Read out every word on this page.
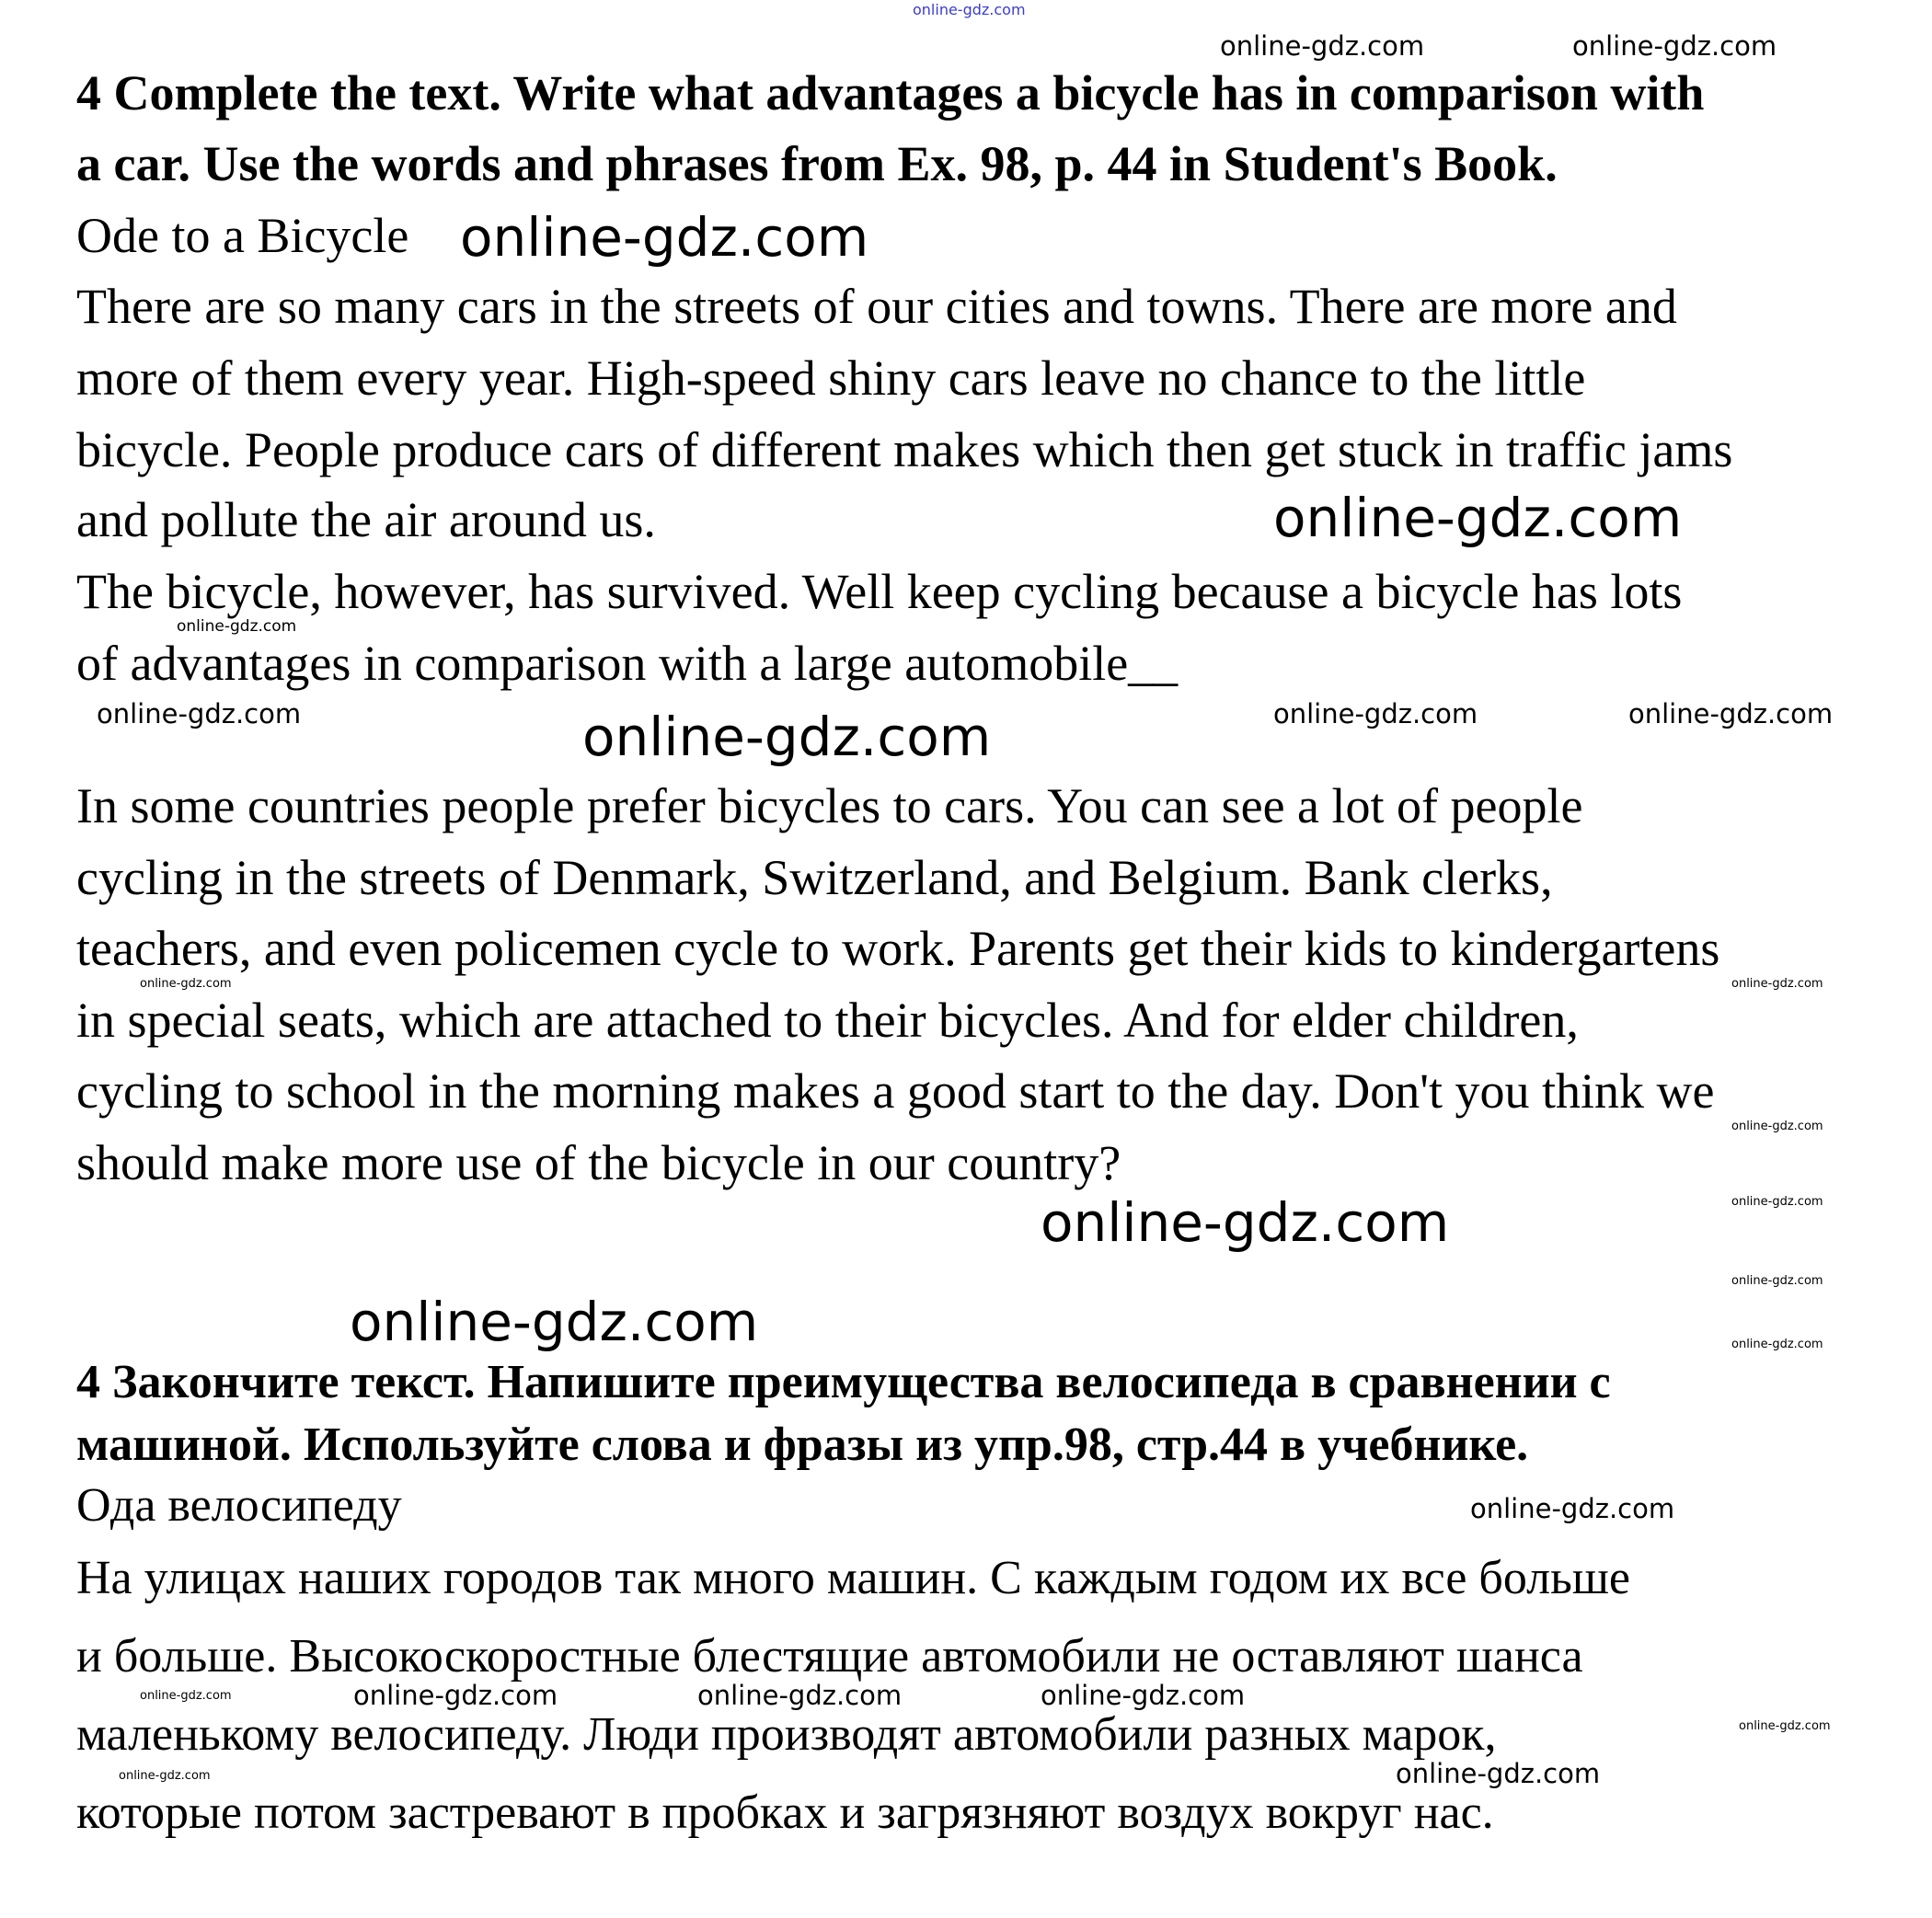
4 Complete the text. Write what advantages a bicycle has in comparison with
a car. Use the words and phrases from Ex. 98, p. 44 in Student's Book.
Ode to a Bicycle
There are so many cars in the streets of our cities and towns. There are more and
more of them every year. High-speed shiny cars leave no chance to the little
bicycle. People produce cars of different makes which then get stuck in traffic jams
and pollute the air around us.
The bicycle, however, has survived. Well keep cycling because a bicycle has lots
of advantages in comparison with a large automobile__
In some countries people prefer bicycles to cars. You can see a lot of people
cycling in the streets of Denmark, Switzerland, and Belgium. Bank clerks,
teachers, and even policemen cycle to work. Parents get their kids to kindergartens
in special seats, which are attached to their bicycles. And for elder children,
cycling to school in the morning makes a good start to the day. Don't you think we
should make more use of the bicycle in our country?
4 Закончите текст. Напишите преимущества велосипеда в сравнении с
машиной. Используйте слова и фразы из упр.98, стр.44 в учебнике.
Ода велосипеду
На улицах наших городов так много машин. С каждым годом их все больше
и больше. Высокоскоростные блестящие автомобили не оставляют шанса
маленькому велосипеду. Люди производят автомобили разных марок,
которые потом застревают в пробках и загрязняют воздух вокруг нас.
online-gdz.com
online-gdz.com
online-gdz.com
online-gdz.com
online-gdz.com
online-gdz.com
online-gdz.com	online-gdz.com
online-gdz.com	online-gdz.com	online-gdz.com
online-gdz.com
online-gdz.com	online-gdz.com	online-gdz.com
online-gdz.com
online-gdz.com
online-gdz.com	online-gdz.com
online-gdz.com
online-gdz.com
online-gdz.com
online-gdz.com
online-gdz.com
online-gdz.com
online-gdz.com
